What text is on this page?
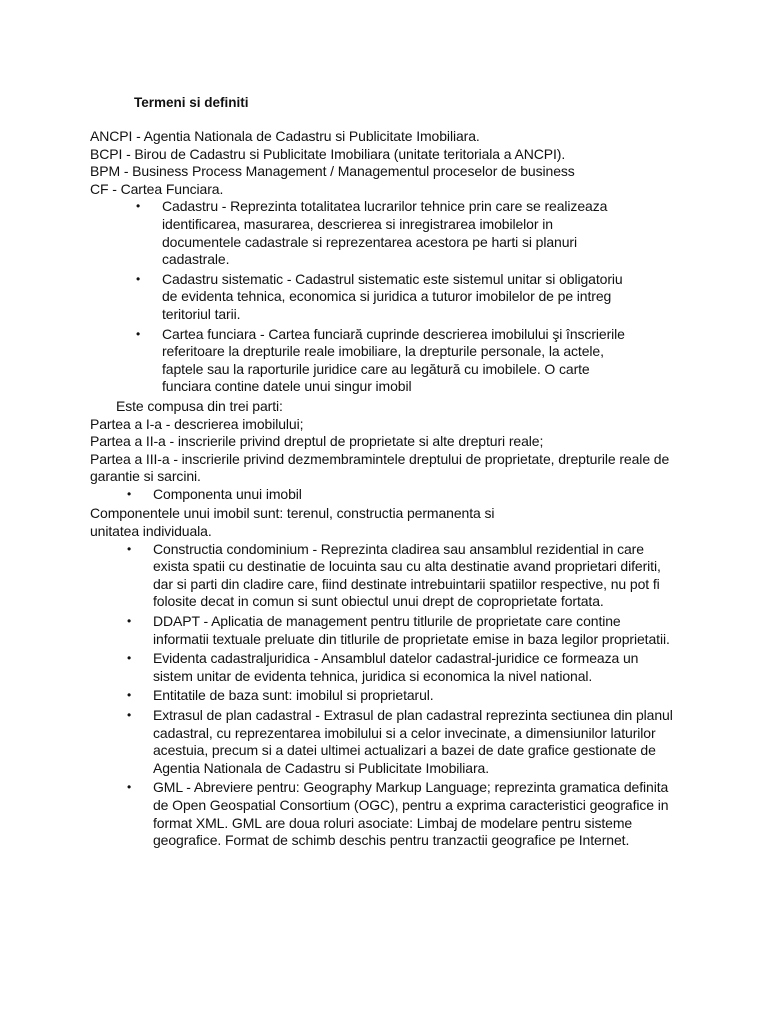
Termeni si definiti
ANCPI - Agentia Nationala de Cadastru si Publicitate Imobiliara.
BCPI - Birou de Cadastru si Publicitate Imobiliara (unitate teritoriala a ANCPI).
BPM - Business Process Management / Managementul proceselor de business
CF - Cartea Funciara.
• Cadastru - Reprezinta totalitatea lucrarilor tehnice prin care se realizeaza identificarea, masurarea, descrierea si inregistrarea imobilelor in documentele cadastrale si reprezentarea acestora pe harti si planuri cadastrale.
• Cadastru sistematic - Cadastrul sistematic este sistemul unitar si obligatoriu de evidenta tehnica, economica si juridica a tuturor imobilelor de pe intreg teritoriul tarii.
• Cartea funciara - Cartea funciară cuprinde descrierea imobilului şi înscrierile referitoare la drepturile reale imobiliare, la drepturile personale, la actele, faptele sau la raporturile juridice care au legătură cu imobilele. O carte funciara contine datele unui singur imobil
Este compusa din trei parti:
Partea a I-a - descrierea imobilului;
Partea a II-a - inscrierile privind dreptul de proprietate si alte drepturi reale;
Partea a III-a - inscrierile privind dezmembramintele dreptului de proprietate, drepturile reale de garantie si sarcini.
• Componenta unui imobil
Componentele unui imobil sunt: terenul, constructia permanenta si
unitatea individuala.
• Constructia condominium - Reprezinta cladirea sau ansamblul rezidential in care exista spatii cu destinatie de locuinta sau cu alta destinatie avand proprietari diferiti, dar si parti din cladire care, fiind destinate intrebuintarii spatiilor respective, nu pot fi folosite decat in comun si sunt obiectul unui drept de coproprietate fortata.
• DDAPT - Aplicatia de management pentru titlurile de proprietate care contine informatii textuale preluate din titlurile de proprietate emise in baza legilor proprietatii.
• Evidenta cadastraljuridica - Ansamblul datelor cadastral-juridice ce formeaza un sistem unitar de evidenta tehnica, juridica si economica la nivel national.
• Entitatile de baza sunt: imobilul si proprietarul.
• Extrasul de plan cadastral - Extrasul de plan cadastral reprezinta sectiunea din planul cadastral, cu reprezentarea imobilului si a celor invecinate, a dimensiunilor laturilor acestuia, precum si a datei ultimei actualizari a bazei de date grafice gestionate de Agentia Nationala de Cadastru si Publicitate Imobiliara.
• GML - Abreviere pentru: Geography Markup Language; reprezinta gramatica definita de Open Geospatial Consortium (OGC), pentru a exprima caracteristici geografice in format XML. GML are doua roluri asociate: Limbaj de modelare pentru sisteme geografice. Format de schimb deschis pentru tranzactii geografice pe Internet.
